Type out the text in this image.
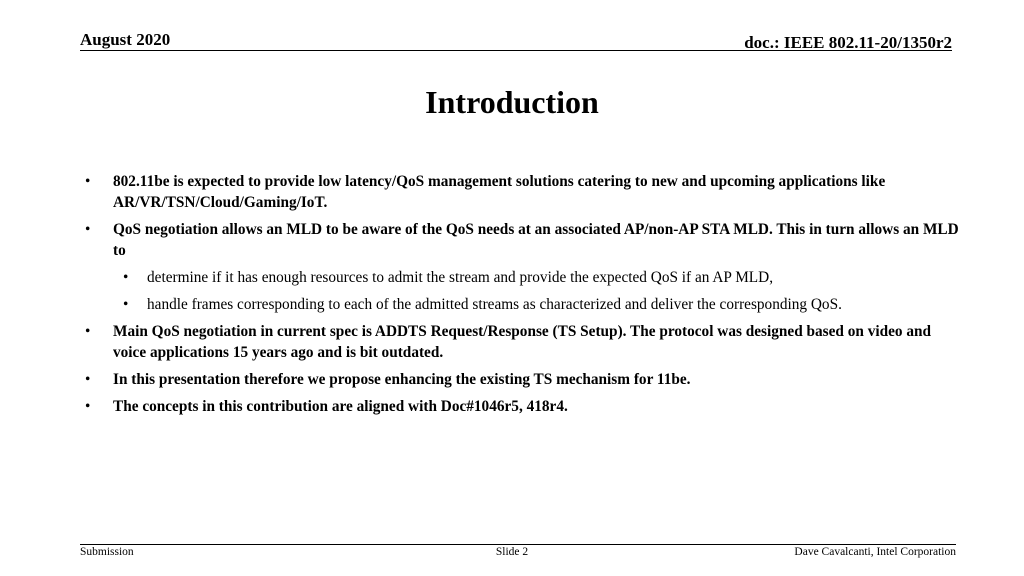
August 2020	doc.: IEEE 802.11-20/1350r2
Introduction
• 802.11be is expected to provide low latency/QoS management solutions catering to new and upcoming applications like AR/VR/TSN/Cloud/Gaming/IoT.
• QoS negotiation allows an MLD to be aware of the QoS needs at an associated AP/non-AP STA MLD. This in turn allows an MLD to
• determine if it has enough resources to admit the stream and provide the expected QoS if an AP MLD,
• handle frames corresponding to each of the admitted streams as characterized and deliver the corresponding QoS.
• Main QoS negotiation in current spec is ADDTS Request/Response (TS Setup). The protocol was designed based on video and voice applications 15 years ago and is bit outdated.
• In this presentation therefore we propose enhancing the existing TS mechanism for 11be.
• The concepts in this contribution are aligned with Doc#1046r5, 418r4.
Submission	Slide 2	Dave Cavalcanti, Intel Corporation
